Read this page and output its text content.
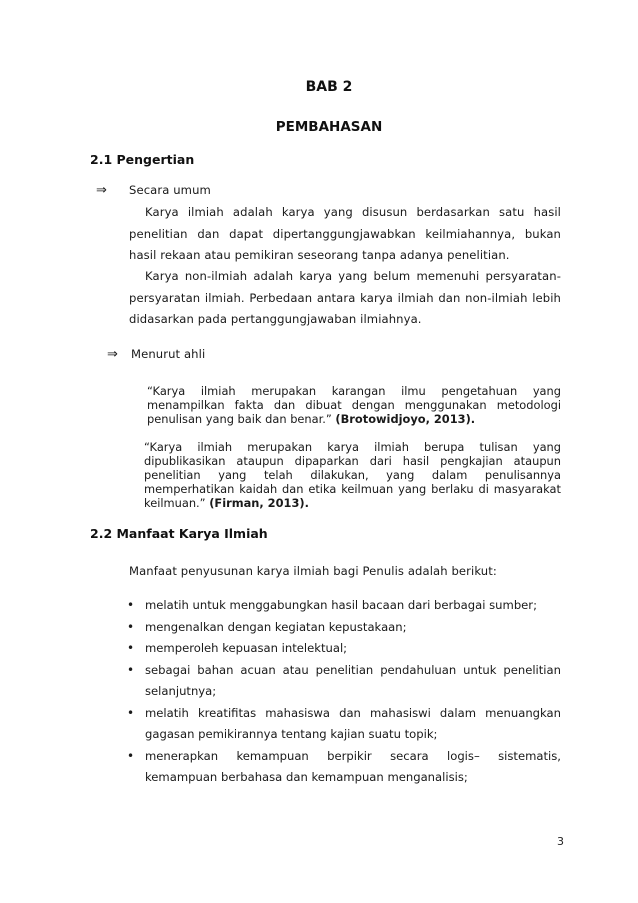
BAB 2
PEMBAHASAN
2.1 Pengertian
⇒ Secara umum
Karya ilmiah adalah karya yang disusun berdasarkan satu hasil penelitian dan dapat dipertanggungjawabkan keilmiahannya, bukan hasil rekaan atau pemikiran seseorang tanpa adanya penelitian.
Karya non-ilmiah adalah karya yang belum memenuhi persyaratan-persyaratan ilmiah. Perbedaan antara karya ilmiah dan non-ilmiah lebih didasarkan pada pertanggungjawaban ilmiahnya.
⇒ Menurut ahli
“Karya ilmiah merupakan karangan ilmu pengetahuan yang menampilkan fakta dan dibuat dengan menggunakan metodologi penulisan yang baik dan benar.” (Brotowidjoyo, 2013).
“Karya ilmiah merupakan karya ilmiah berupa tulisan yang dipublikasikan ataupun dipaparkan dari hasil pengkajian ataupun penelitian yang telah dilakukan, yang dalam penulisannya memperhatikan kaidah dan etika keilmuan yang berlaku di masyarakat keilmuan.” (Firman, 2013).
2.2 Manfaat Karya Ilmiah
Manfaat penyusunan karya ilmiah bagi Penulis adalah berikut:
• melatih untuk menggabungkan hasil bacaan dari berbagai sumber;
• mengenalkan dengan kegiatan kepustakaan;
• memperoleh kepuasan intelektual;
• sebagai bahan acuan atau penelitian pendahuluan untuk penelitian selanjutnya;
• melatih kreatifitas mahasiswa dan mahasiswi dalam menuangkan gagasan pemikirannya tentang kajian suatu topik;
• menerapkan kemampuan berpikir secara logis– sistematis, kemampuan berbahasa dan kemampuan menganalisis;
3
